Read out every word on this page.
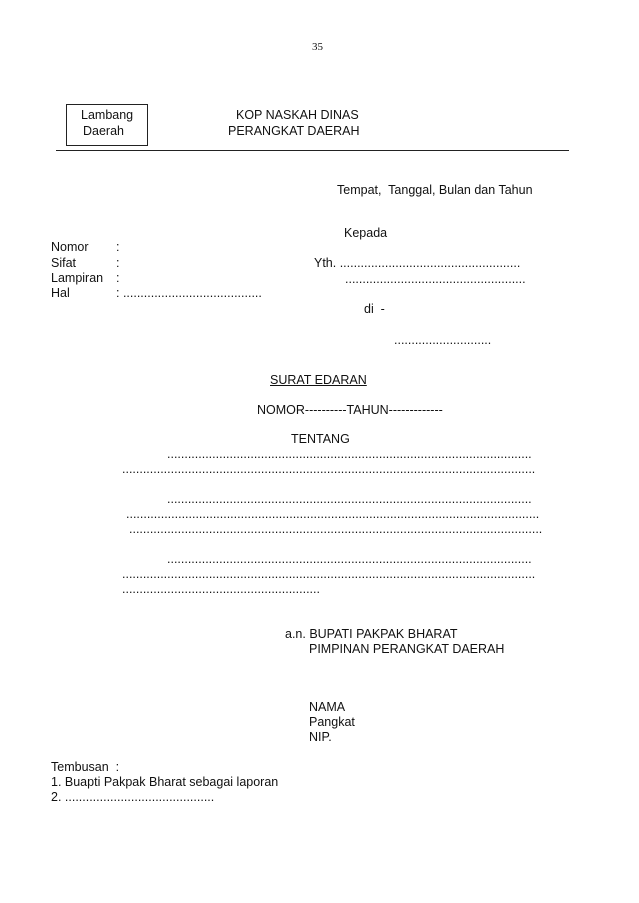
35
Lambang
Daerah
KOP NASKAH DINAS
PERANGKAT DAERAH
Tempat,  Tanggal, Bulan dan Tahun
Kepada
Yth. ....................................................
....................................................
di  -
............................
Nomor :
Sifat	:
Lampiran :
Hal	: ........................................
SURAT EDARAN
NOMOR----------TAHUN-------------
TENTANG
.........................................................................................................
.......................................................................................................................
.........................................................................................................
.......................................................................................................................
.......................................................................................................................
.........................................................................................................
.......................................................................................................................
.........................................................
a.n. BUPATI PAKPAK BHARAT
PIMPINAN PERANGKAT DAERAH
NAMA
Pangkat
NIP.
Tembusan  :
1. Buapti Pakpak Bharat sebagai laporan
2. ...........................................
